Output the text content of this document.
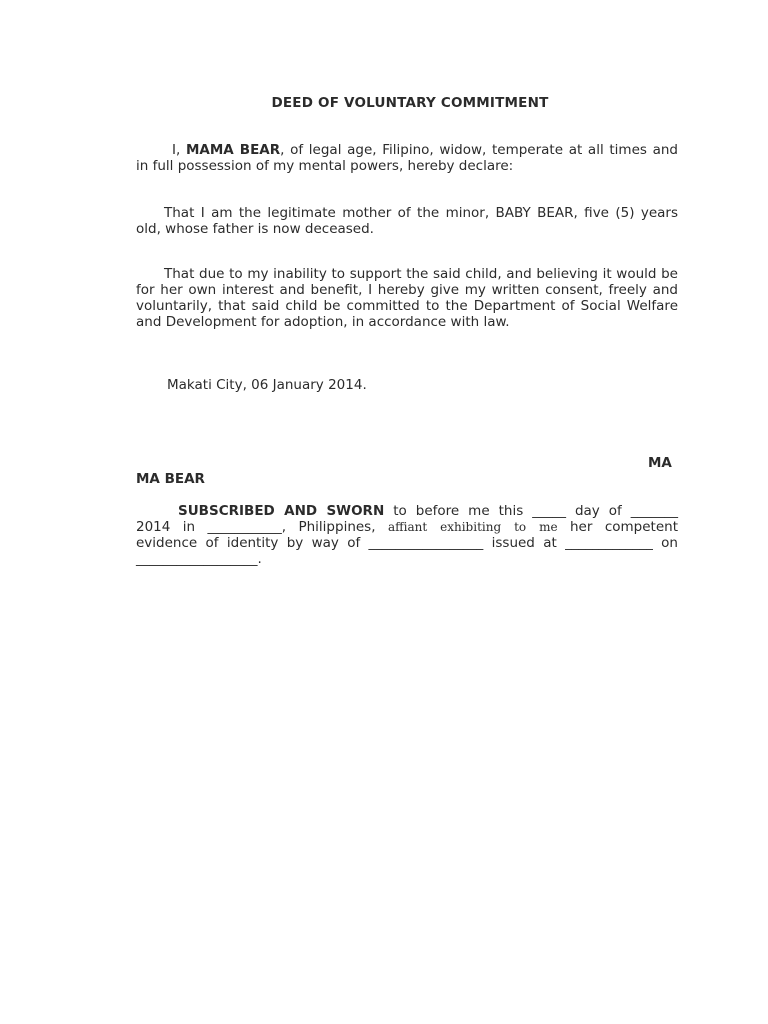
DEED OF VOLUNTARY COMMITMENT
I, MAMA BEAR, of legal age, Filipino, widow, temperate at all times and in full possession of my mental powers, hereby declare:
That I am the legitimate mother of the minor, BABY BEAR, five (5) years old, whose father is now deceased.
That due to my inability to support the said child, and believing it would be for her own interest and benefit, I hereby give my written consent, freely and voluntarily, that said child be committed to the Department of Social Welfare and Development for adoption, in accordance with law.
Makati City, 06 January 2014.
MA
MA BEAR
SUBSCRIBED AND SWORN to before me this _____ day of _______ 2014 in ___________, Philippines, affiant exhibiting to me her competent evidence of identity by way of _________________ issued at _____________ on __________________.
